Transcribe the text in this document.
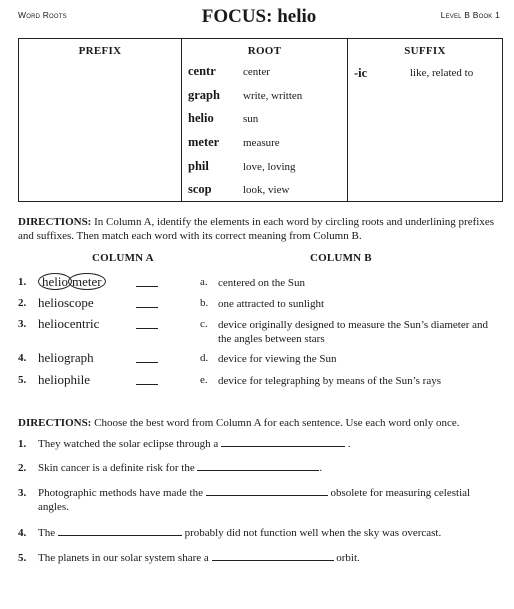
Word Roots	FOCUS: helio	Level B Book 1
PREFIX	ROOT
centr center
graph write, written
helio	sun
meter measure
phil	love, loving
scop	look, view
SUFFIX
-ic	like, related to
DIRECTIONS: In Column A, identify the elements in each word by circling roots and underlining prefixes and suffixes. Then match each word with its correct meaning from Column B.
COLUMN A	COLUMN B
1.	helio meter	a. centered on the Sun
2. helioscope	b. one attracted to sunlight
3. heliocentric	c. device originally designed to measure the Sun’s diameter and the angles between stars
4. heliograph	d. device for viewing the Sun
5. heliophile	e. device for telegraphing by means of the Sun’s rays
DIRECTIONS: Choose the best word from Column A for each sentence. Use each word only once.
1. They watched the solar eclipse through a	.
2. Skin cancer is a definite risk for the	.
3. Photographic methods have made the	obsolete for measuring celestial angles.
4. The	probably did not function well when the sky was overcast.
5. The planets in our solar system share a	orbit.
